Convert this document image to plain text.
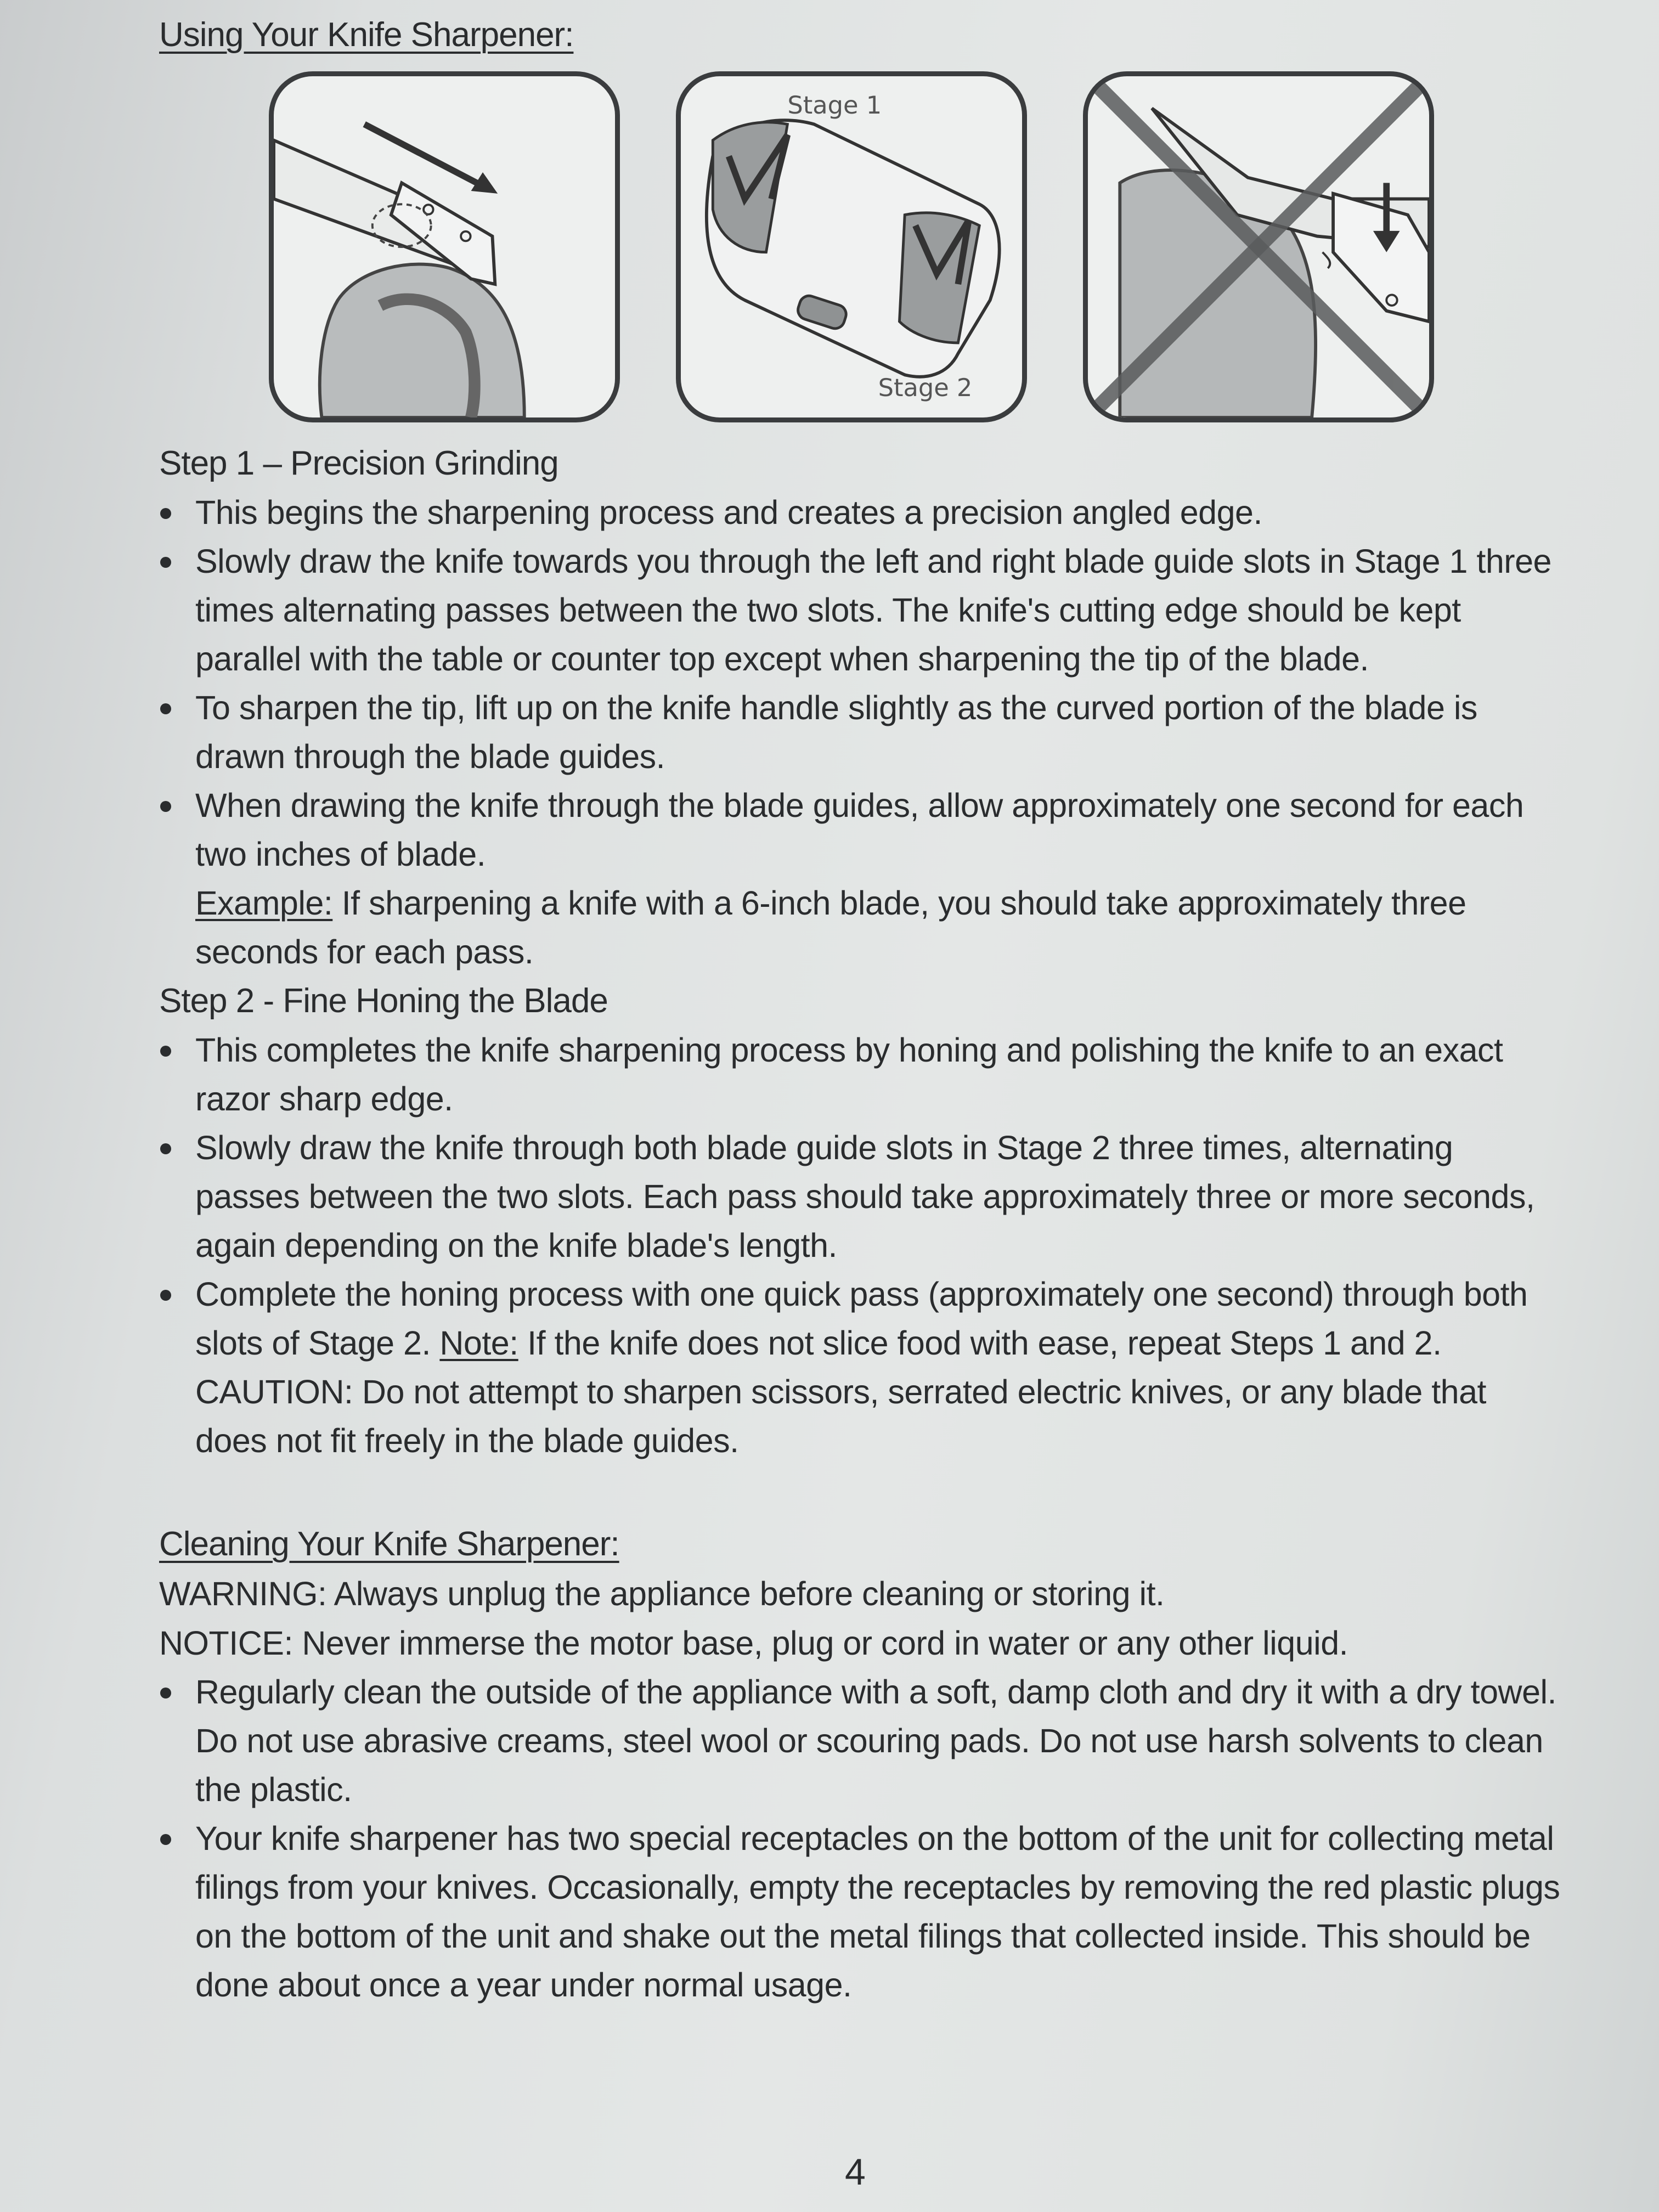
Using Your Knife Sharpener:
Stage 1
Stage 2

Step 1 – Precision Grinding

This begins the sharpening process and creates a precision angled edge.
Slowly draw the knife towards you through the left and right blade guide slots in Stage 1 three times alternating passes between the two slots. The knife's cutting edge should be kept parallel with the table or counter top except when sharpening the tip of the blade.
To sharpen the tip, lift up on the knife handle slightly as the curved portion of the blade is drawn through the blade guides.
When drawing the knife through the blade guides, allow approximately one second for each two inches of blade.
Example: If sharpening a knife with a 6-inch blade, you should take approximately three seconds for each pass.

Step 2 - Fine Honing the Blade

This completes the knife sharpening process by honing and polishing the knife to an exact razor sharp edge.
Slowly draw the knife through both blade guide slots in Stage 2 three times, alternating passes between the two slots. Each pass should take approximately three or more seconds, again depending on the knife blade's length.
Complete the honing process with one quick pass (approximately one second) through both slots of Stage 2. Note: If the knife does not slice food with ease, repeat Steps 1 and 2.
CAUTION: Do not attempt to sharpen scissors, serrated electric knives, or any blade that does not fit freely in the blade guides.
Cleaning Your Knife Sharpener:

WARNING: Always unplug the appliance before cleaning or storing it.

NOTICE: Never immerse the motor base, plug or cord in water or any other liquid.

Regularly clean the outside of the appliance with a soft, damp cloth and dry it with a dry towel. Do not use abrasive creams, steel wool or scouring pads. Do not use harsh solvents to clean the plastic.
Your knife sharpener has two special receptacles on the bottom of the unit for collecting metal filings from your knives. Occasionally, empty the receptacles by removing the red plastic plugs on the bottom of the unit and shake out the metal filings that collected inside. This should be done about once a year under normal usage.

4
